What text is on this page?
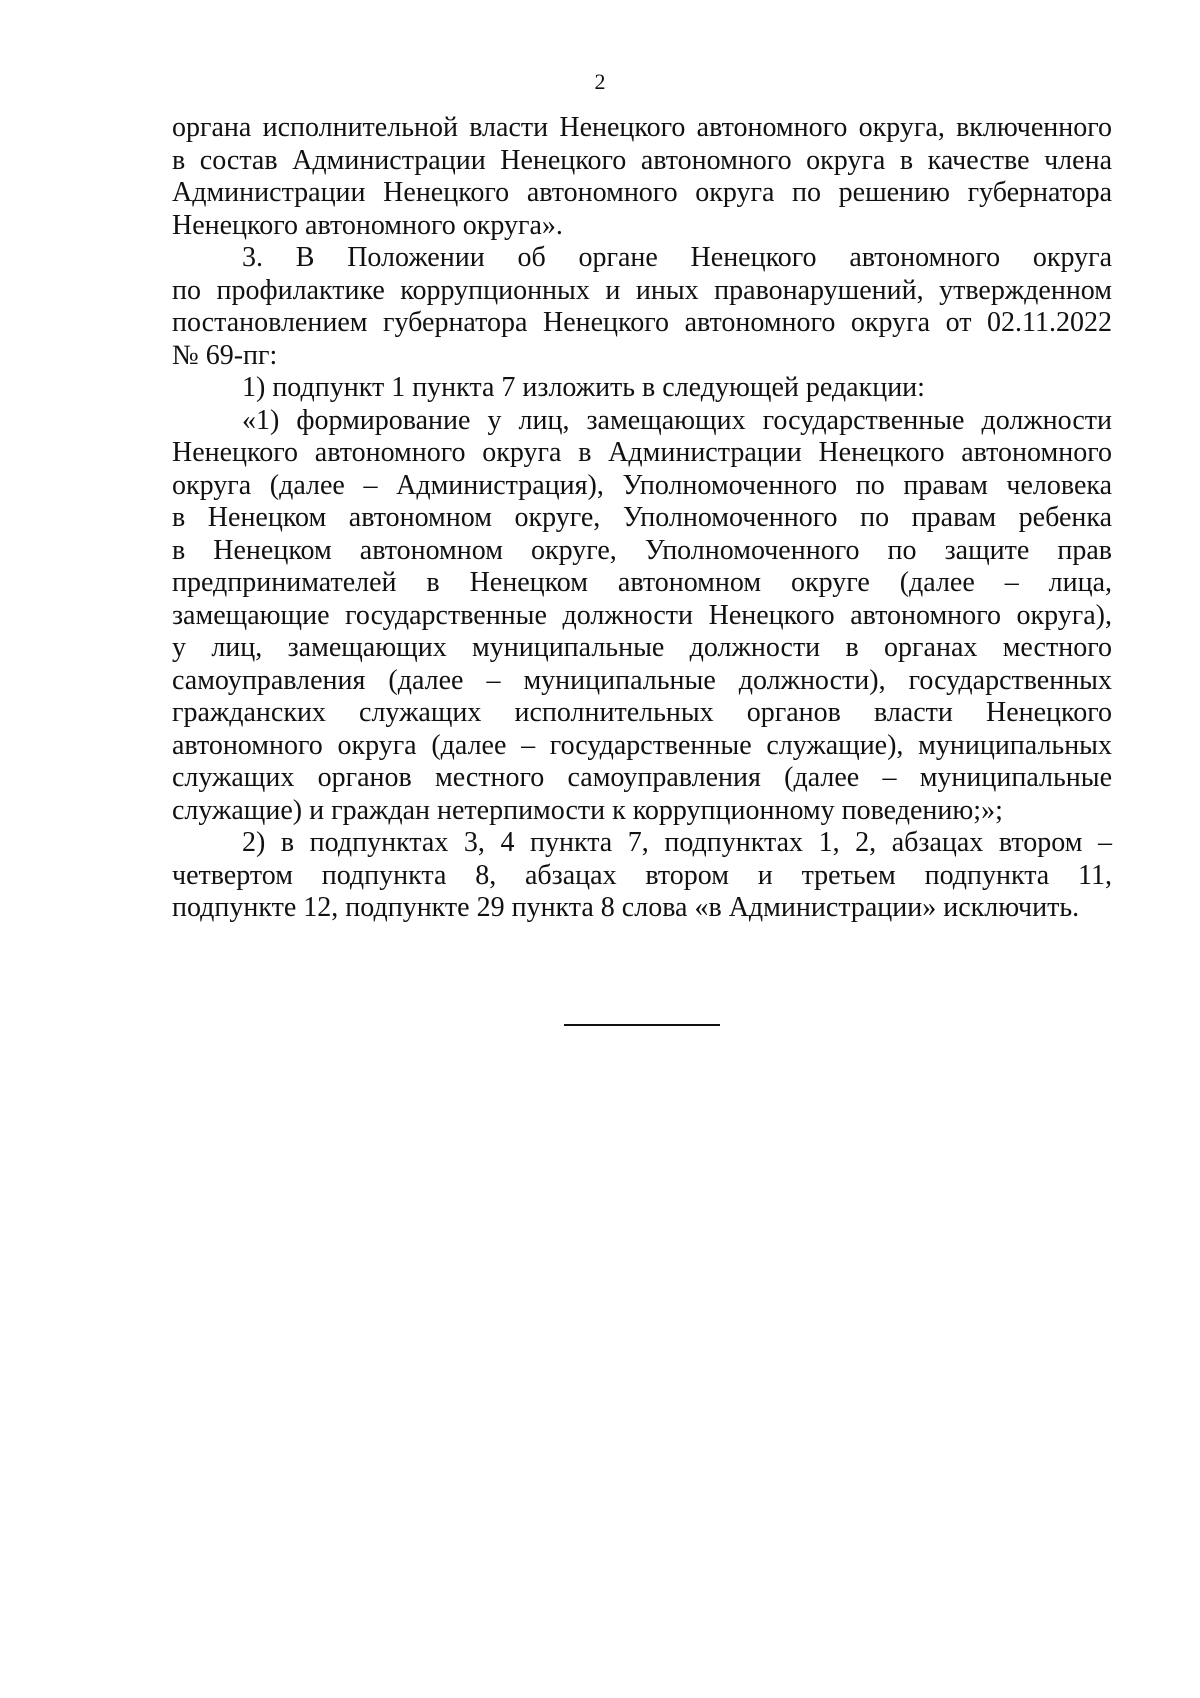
2

органа исполнительной власти Ненецкого автономного округа, включенного

в состав Администрации Ненецкого автономного округа в качестве члена

Администрации Ненецкого автономного округа по решению губернатора

Ненецкого автономного округа».

3. В Положении об органе Ненецкого автономного округа

по профилактике коррупционных и иных правонарушений, утвержденном

постановлением губернатора Ненецкого автономного округа от 02.11.2022

№ 69-пг:

1) подпункт 1 пункта 7 изложить в следующей редакции:

«1) формирование у лиц, замещающих государственные должности

Ненецкого автономного округа в Администрации Ненецкого автономного

округа (далее – Администрация), Уполномоченного по правам человека

в Ненецком автономном округе, Уполномоченного по правам ребенка

в Ненецком автономном округе, Уполномоченного по защите прав

предпринимателей в Ненецком автономном округе (далее – лица,

замещающие государственные должности Ненецкого автономного округа),

у лиц, замещающих муниципальные должности в органах местного

самоуправления (далее – муниципальные должности), государственных

гражданских служащих исполнительных органов власти Ненецкого

автономного округа (далее – государственные служащие), муниципальных

служащих органов местного самоуправления (далее – муниципальные

служащие) и граждан нетерпимости к коррупционному поведению;»;

2) в подпунктах 3, 4 пункта 7, подпунктах 1, 2, абзацах втором –

четвертом подпункта 8, абзацах втором и третьем подпункта 11,

подпункте 12, подпункте 29 пункта 8 слова «в Администрации» исключить.
